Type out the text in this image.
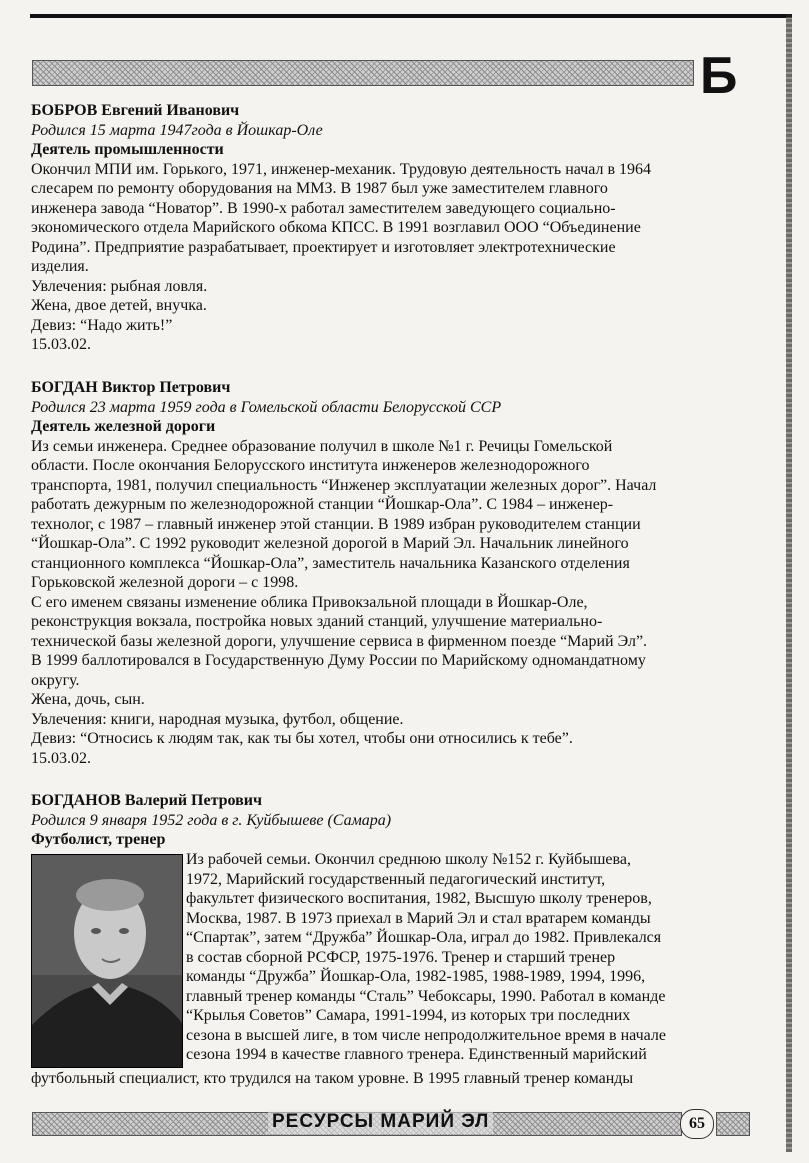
Б

БОБРОВ Евгений Иванович

Родился 15 марта 1947года в Йошкар-Оле

Деятель промышленности

Окончил МПИ им. Горького, 1971, инженер-механик. Трудовую деятельность начал в 1964

слесарем по ремонту оборудования на ММЗ. В 1987 был уже заместителем главного

инженера завода “Новатор”. В 1990-х работал заместителем заведующего социально-

экономического отдела Марийского обкома КПСС. В 1991 возглавил ООО “Объединение

Родина”. Предприятие разрабатывает, проектирует и изготовляет электротехнические

изделия.

Увлечения: рыбная ловля.

Жена, двое детей, внучка.

Девиз: “Надо жить!”

15.03.02.

БОГДАН Виктор Петрович

Родился 23 марта 1959 года в Гомельской области Белорусской ССР

Деятель железной дороги

Из семьи инженера. Среднее образование получил в школе №1 г. Речицы Гомельской

области. После окончания Белорусского института инженеров железнодорожного

транспорта, 1981, получил специальность “Инженер эксплуатации железных дорог”. Начал

работать дежурным по железнодорожной станции “Йошкар-Ола”. С 1984 – инженер-

технолог, с 1987 – главный инженер этой станции. В 1989 избран руководителем станции

“Йошкар-Ола”. С 1992 руководит железной дорогой в Марий Эл. Начальник линейного

станционного комплекса “Йошкар-Ола”, заместитель начальника Казанского отделения

Горьковской железной дороги – с 1998.

С его именем связаны изменение облика Привокзальной площади в Йошкар-Оле,

реконструкция вокзала, постройка новых зданий станций, улучшение материально-

технической базы железной дороги, улучшение сервиса в фирменном поезде “Марий Эл”.

В 1999 баллотировался в Государственную Думу России по Марийскому одномандатному

округу.

Жена, дочь, сын.

Увлечения: книги, народная музыка, футбол, общение.

Девиз: “Относись к людям так, как ты бы хотел, чтобы они относились к тебе”.

15.03.02.

БОГДАНОВ Валерий Петрович

Родился 9 января 1952 года в г. Куйбышеве (Самара)

Футболист, тренер

Из рабочей семьи. Окончил среднюю школу №152 г. Куйбышева,

1972, Марийский государственный педагогический институт,

факультет физического воспитания, 1982, Высшую школу тренеров,

Москва, 1987. В 1973 приехал в Марий Эл и стал вратарем команды

“Спартак”, затем “Дружба” Йошкар-Ола, играл до 1982. Привлекался

в состав сборной РСФСР, 1975-1976. Тренер и старший тренер

команды “Дружба” Йошкар-Ола, 1982-1985, 1988-1989, 1994, 1996,

главный тренер команды “Сталь” Чебоксары, 1990. Работал в команде

“Крылья Советов” Самара, 1991-1994, из которых три последних

сезона в высшей лиге, в том числе непродолжительное время в начале

сезона 1994 в качестве главного тренера. Единственный марийский

футбольный специалист, кто трудился на таком уровне. В 1995 главный тренер команды

РЕСУРСЫ МАРИЙ ЭЛ	65
